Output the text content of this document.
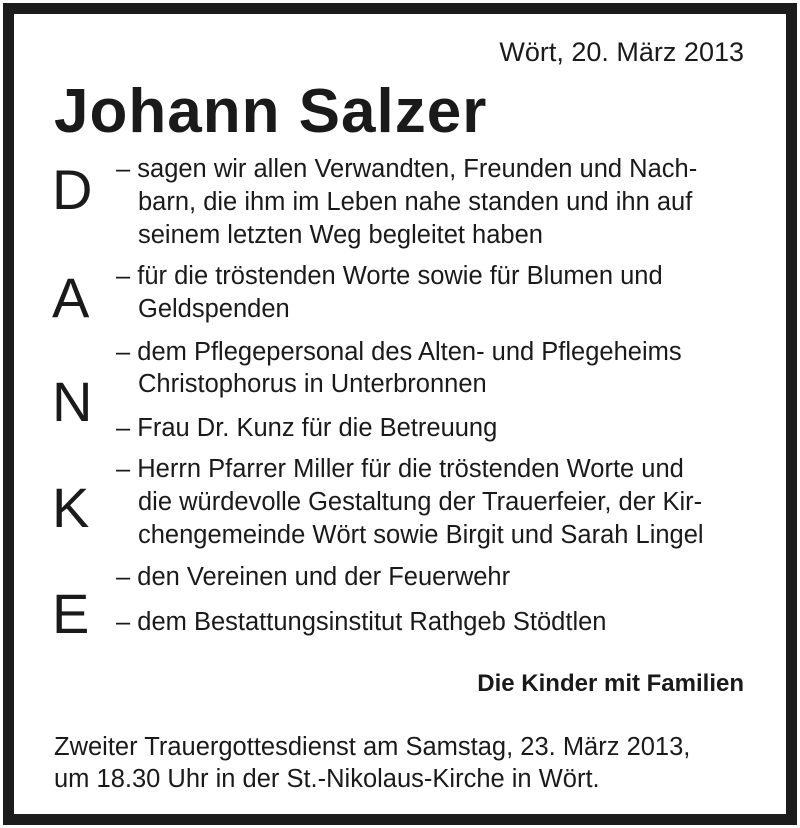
Wört, 20. März 2013
Johann Salzer
D
A
N
K
E
– sagen wir allen Verwandten, Freunden und Nach-
barn, die ihm im Leben nahe standen und ihn auf
seinem letzten Weg begleitet haben
– für die tröstenden Worte sowie für Blumen und
Geldspenden
– dem Pflegepersonal des Alten- und Pflegeheims
Christophorus in Unterbronnen
– Frau Dr. Kunz für die Betreuung
– Herrn Pfarrer Miller für die tröstenden Worte und
die würdevolle Gestaltung der Trauerfeier, der Kir-
chengemeinde Wört sowie Birgit und Sarah Lingel
– den Vereinen und der Feuerwehr
– dem Bestattungsinstitut Rathgeb Stödtlen
Die Kinder mit Familien
Zweiter Trauergottesdienst am Samstag, 23. März 2013,
um 18.30 Uhr in der St.-Nikolaus-Kirche in Wört.
